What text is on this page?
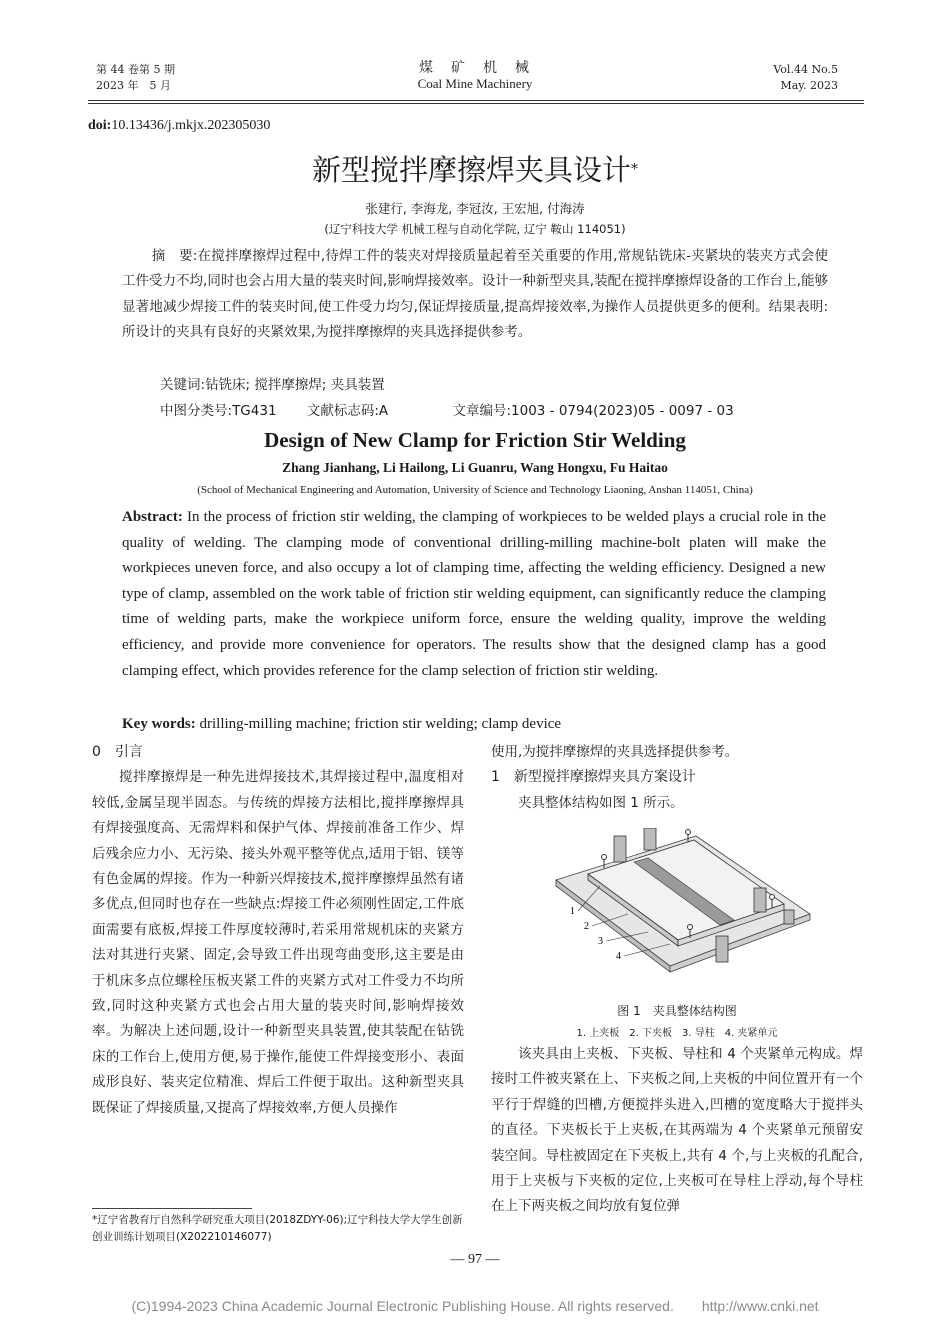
第 44 卷第 5 期
2023 年　5 月
煤　矿　机　械
Coal Mine Machinery
Vol.44 No.5
May. 2023
doi:10.13436/j.mkjx.202305030
新型搅拌摩擦焊夹具设计*
张建行, 李海龙, 李冠汝, 王宏旭, 付海涛
(辽宁科技大学 机械工程与自动化学院, 辽宁 鞍山 114051)

摘　要:在搅拌摩擦焊过程中,待焊工件的装夹对焊接质量起着至关重要的作用,常规钻铣床-夹紧块的装夹方式会使工件受力不均,同时也会占用大量的装夹时间,影响焊接效率。设计一种新型夹具,装配在搅拌摩擦焊设备的工作台上,能够显著地减少焊接工件的装夹时间,使工件受力均匀,保证焊接质量,提高焊接效率,为操作人员提供更多的便利。结果表明:所设计的夹具有良好的夹紧效果,为搅拌摩擦焊的夹具选择提供参考。

关键词:钻铣床; 搅拌摩擦焊; 夹具装置
中图分类号:TG431 文献标志码:A	文章编号:1003 - 0794(2023)05 - 0097 - 03
Design of New Clamp for Friction Stir Welding
Zhang Jianhang, Li Hailong, Li Guanru, Wang Hongxu, Fu Haitao
(School of Mechanical Engineering and Automation, University of Science and Technology Liaoning, Anshan 114051, China)

Abstract: In the process of friction stir welding, the clamping of workpieces to be welded plays a crucial role in the quality of welding. The clamping mode of conventional drilling-milling machine-bolt platen will make the workpieces uneven force, and also occupy a lot of clamping time, affecting the welding efficiency. Designed a new type of clamp, assembled on the work table of friction stir welding equipment, can significantly reduce the clamping time of welding parts, make the workpiece uniform force, ensure the welding quality, improve the welding efficiency, and provide more convenience for operators. The results show that the designed clamp has a good clamping effect, which provides reference for the clamp selection of friction stir welding.

Key words: drilling-milling machine; friction stir welding; clamp device
0　 引言

搅拌摩擦焊是一种先进焊接技术,其焊接过程中,温度相对较低,金属呈现半固态。与传统的焊接方法相比,搅拌摩擦焊具有焊接强度高、无需焊料和保护气体、焊接前准备工作少、焊后残余应力小、无污染、接头外观平整等优点,适用于铝、镁等有色金属的焊接。作为一种新兴焊接技术,搅拌摩擦焊虽然有诸多优点,但同时也存在一些缺点:焊接工件必须刚性固定,工件底面需要有底板,焊接工件厚度较薄时,若采用常规机床的夹紧方法对其进行夹紧、固定,会导致工件出现弯曲变形,这主要是由于机床多点位螺栓压板夹紧工件的夹紧方式对工件受力不均所致,同时这种夹紧方式也会占用大量的装夹时间,影响焊接效率。为解决上述问题,设计一种新型夹具装置,使其装配在钻铣床的工作台上,使用方便,易于操作,能使工件焊接变形小、表面成形良好、装夹定位精准、焊后工件便于取出。这种新型夹具既保证了焊接质量,又提高了焊接效率,方便人员操作

*辽宁省教育厅自然科学研究重大项目(2018ZDYY-06);辽宁科技大学大学生创新创业训练计划项目(X202210146077)

使用,为搅拌摩擦焊的夹具选择提供参考。

1　 新型搅拌摩擦焊夹具方案设计

夹具整体结构如图 1 所示。

1
2
3
4
图 1　夹具整体结构图
1. 上夹板　2. 下夹板　3. 导柱　4. 夹紧单元

该夹具由上夹板、下夹板、导柱和 4 个夹紧单元构成。焊接时工件被夹紧在上、下夹板之间,上夹板的中间位置开有一个平行于焊缝的凹槽,方便搅拌头进入,凹槽的宽度略大于搅拌头的直径。下夹板长于上夹板,在其两端为 4 个夹紧单元预留安装空间。导柱被固定在下夹板上,共有 4 个,与上夹板的孔配合,用于上夹板与下夹板的定位,上夹板可在导柱上浮动,每个导柱在上下两夹板之间均放有复位弹

— 97 —
(C)1994-2023 China Academic Journal Electronic Publishing House. All rights reserved.　　http://www.cnki.net
